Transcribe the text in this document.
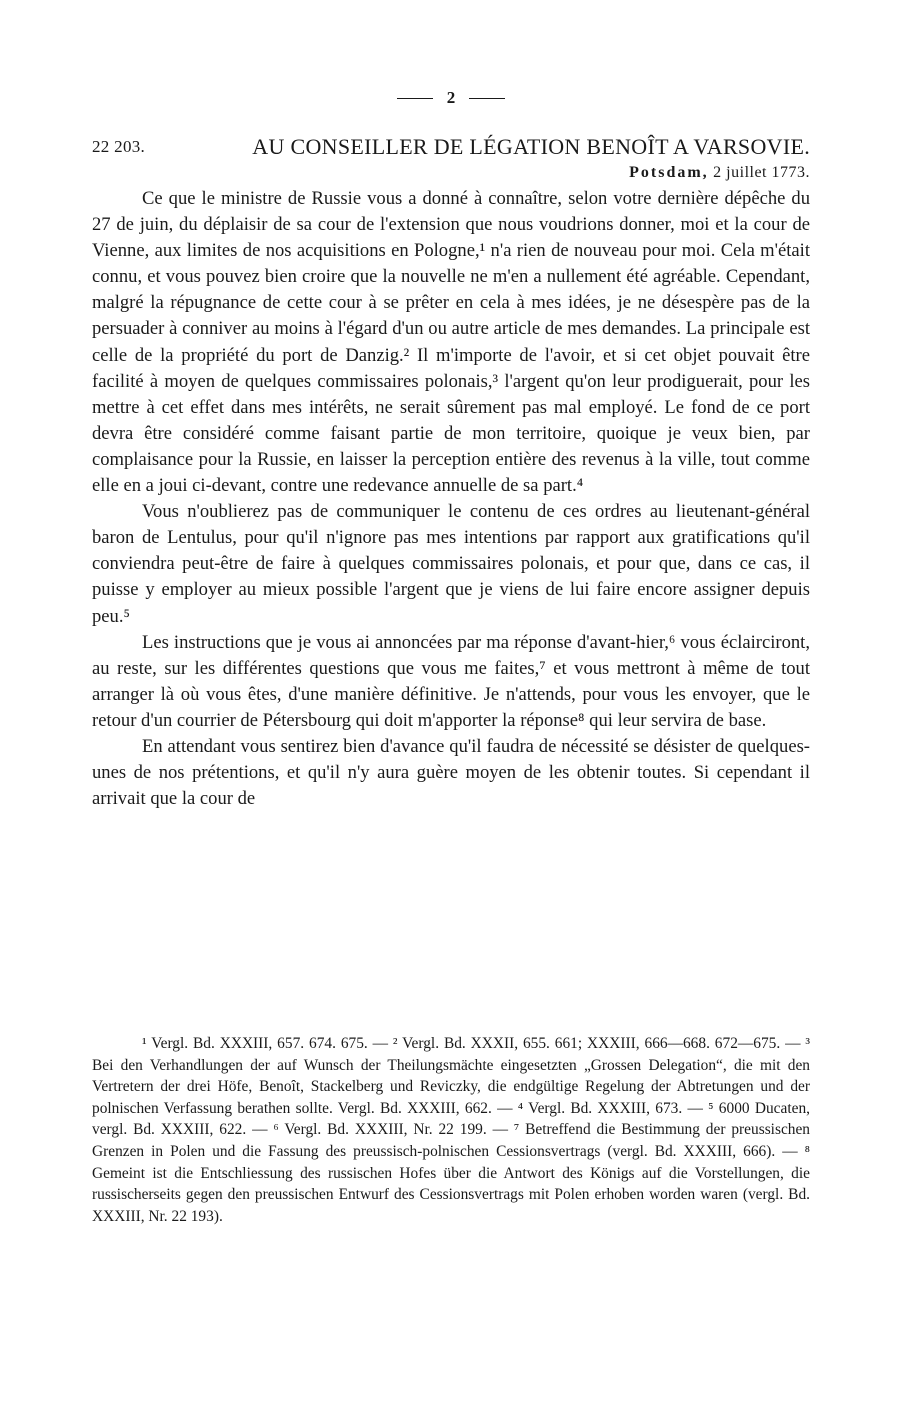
2
22 203.	AU CONSEILLER DE LÉGATION BENOÎT A VARSOVIE.
Potsdam, 2 juillet 1773.

Ce que le ministre de Russie vous a donné à connaître, selon votre dernière dépêche du 27 de juin, du déplaisir de sa cour de l'extension que nous voudrions donner, moi et la cour de Vienne, aux limites de nos acquisitions en Pologne,¹ n'a rien de nouveau pour moi. Cela m'était connu, et vous pouvez bien croire que la nouvelle ne m'en a nullement été agréable. Cependant, malgré la répugnance de cette cour à se prêter en cela à mes idées, je ne désespère pas de la persuader à conniver au moins à l'égard d'un ou autre article de mes demandes. La principale est celle de la propriété du port de Danzig.² Il m'importe de l'avoir, et si cet objet pouvait être facilité à moyen de quelques commissaires polonais,³ l'argent qu'on leur prodiguerait, pour les mettre à cet effet dans mes intérêts, ne serait sûrement pas mal employé. Le fond de ce port devra être considéré comme faisant partie de mon territoire, quoique je veux bien, par complaisance pour la Russie, en laisser la perception entière des revenus à la ville, tout comme elle en a joui ci-devant, contre une redevance annuelle de sa part.⁴

Vous n'oublierez pas de communiquer le contenu de ces ordres au lieutenant-général baron de Lentulus, pour qu'il n'ignore pas mes intentions par rapport aux gratifications qu'il conviendra peut-être de faire à quelques commissaires polonais, et pour que, dans ce cas, il puisse y employer au mieux possible l'argent que je viens de lui faire encore assigner depuis peu.⁵

Les instructions que je vous ai annoncées par ma réponse d'avant-hier,⁶ vous éclairciront, au reste, sur les différentes questions que vous me faites,⁷ et vous mettront à même de tout arranger là où vous êtes, d'une manière définitive. Je n'attends, pour vous les envoyer, que le retour d'un courrier de Pétersbourg qui doit m'apporter la réponse⁸ qui leur servira de base.

En attendant vous sentirez bien d'avance qu'il faudra de nécessité se désister de quelques-unes de nos prétentions, et qu'il n'y aura guère moyen de les obtenir toutes. Si cependant il arrivait que la cour de

¹ Vergl. Bd. XXXIII, 657. 674. 675. — ² Vergl. Bd. XXXII, 655. 661; XXXIII, 666—668. 672—675. — ³ Bei den Verhandlungen der auf Wunsch der Theilungsmächte eingesetzten „Grossen Delegation“, die mit den Vertretern der drei Höfe, Benoît, Stackelberg und Reviczky, die endgültige Regelung der Abtretungen und der polnischen Verfassung berathen sollte. Vergl. Bd. XXXIII, 662. — ⁴ Vergl. Bd. XXXIII, 673. — ⁵ 6000 Ducaten, vergl. Bd. XXXIII, 622. — ⁶ Vergl. Bd. XXXIII, Nr. 22 199. — ⁷ Betreffend die Bestimmung der preussischen Grenzen in Polen und die Fassung des preussisch-polnischen Cessionsvertrags (vergl. Bd. XXXIII, 666). — ⁸ Gemeint ist die Entschliessung des russischen Hofes über die Antwort des Königs auf die Vorstellungen, die russischerseits gegen den preussischen Entwurf des Cessionsvertrags mit Polen erhoben worden waren (vergl. Bd. XXXIII, Nr. 22 193).
